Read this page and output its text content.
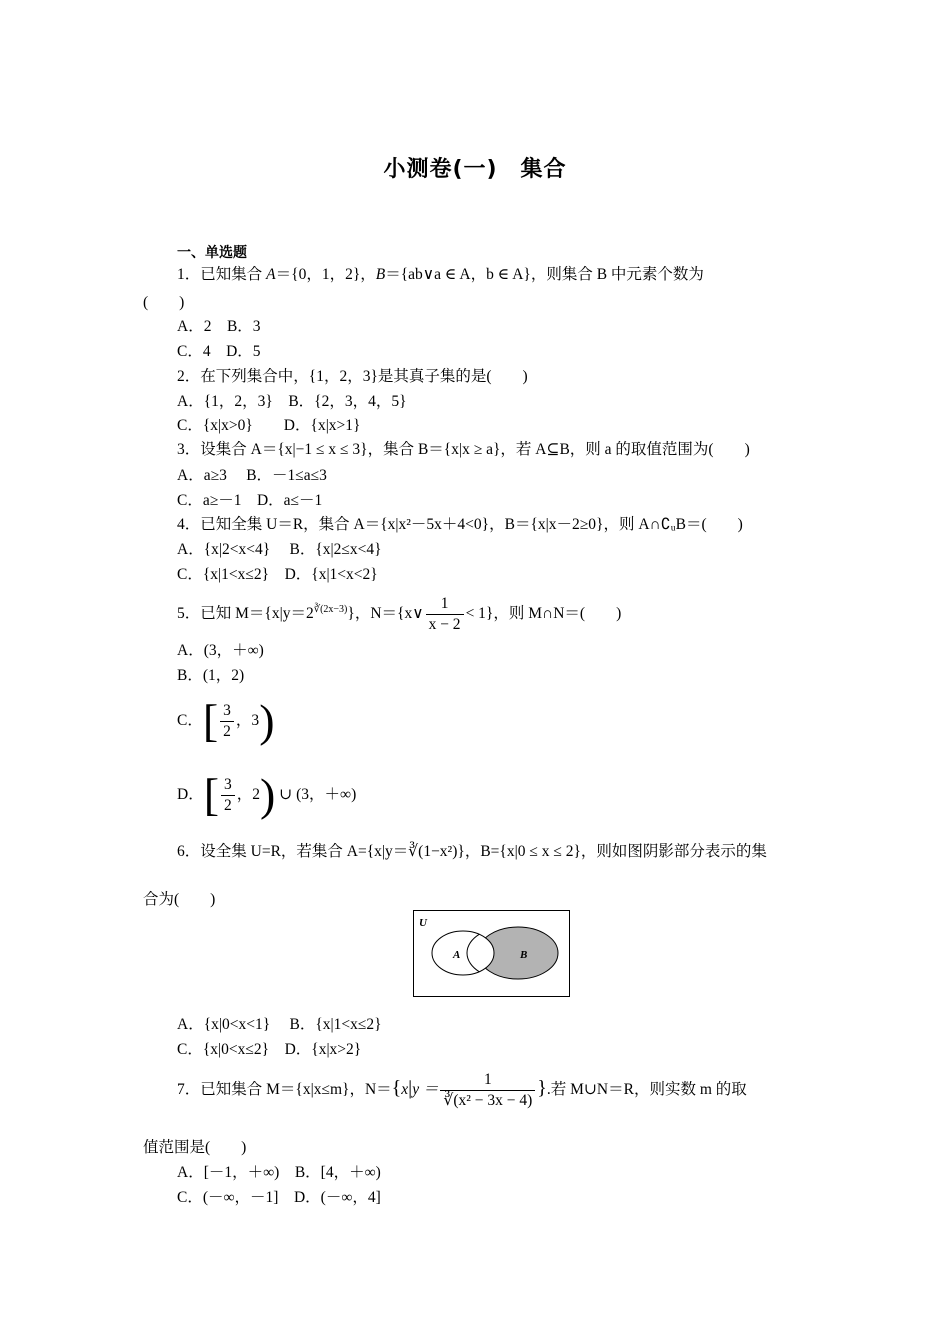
小测卷(一)　集合
一、单选题
1．已知集合 A＝{0，1，2}，B＝{ab∨a ∈ A，b ∈ A}，则集合 B 中元素个数为
(　　)
A．2　B．3
C．4　D．5
2．在下列集合中，{1，2，3}是其真子集的是(　　)
A．{1，2，3}　B．{2，3，4，5}
C．{x|x>0}　　D．{x|x>1}
3．设集合 A＝{x|−1 ≤ x ≤ 3}，集合 B＝{x|x ≥ a}，若 A⊆B，则 a 的取值范围为(　　)
A．a≥3　 B．－1≤a≤3
C．a≥－1　D．a≤－1
4．已知全集 U＝R，集合 A＝{x|x²－5x＋4<0}，B＝{x|x－2≥0}，则 A∩∁ᵤB＝(　　)
A．{x|2<x<4}　 B．{x|2≤x<4}
C．{x|1<x≤2}　D．{x|1<x<2}
5．已知 $M=\{x|y=2^{∛(2x-3)}\}$，N＝{x∨ $\frac{1}{x - 2} < 1$}，则 M∩N＝(　　)
A．(3，＋∞)
B．(1，2)
C．[ $\frac{3}{2}$ ，3)
D．[ $\frac{3}{2}$ ，2) ∪ (3，＋∞)
6．设全集 U=R，若集合 A={x|y＝∛(1−x²)}，B={x|0 ≤ x ≤ 2}，则如图阴影部分表示的集
合为(　　)
U
A	B
A．{x|0<x<1}　 B．{x|1<x≤2}
C．{x|0<x≤2}　D．{x|x>2}
7．已知集合 M＝{x|x≤m}，$N=\{x|y = \frac{1}{\text{∛(x² − 3x − 4)}}$ }.若 M∪N＝R，则实数 m 的取
值范围是(　　)
A．[－1，＋∞)　B．[4，＋∞)
C．(－∞，－1]　D．(－∞，4]
